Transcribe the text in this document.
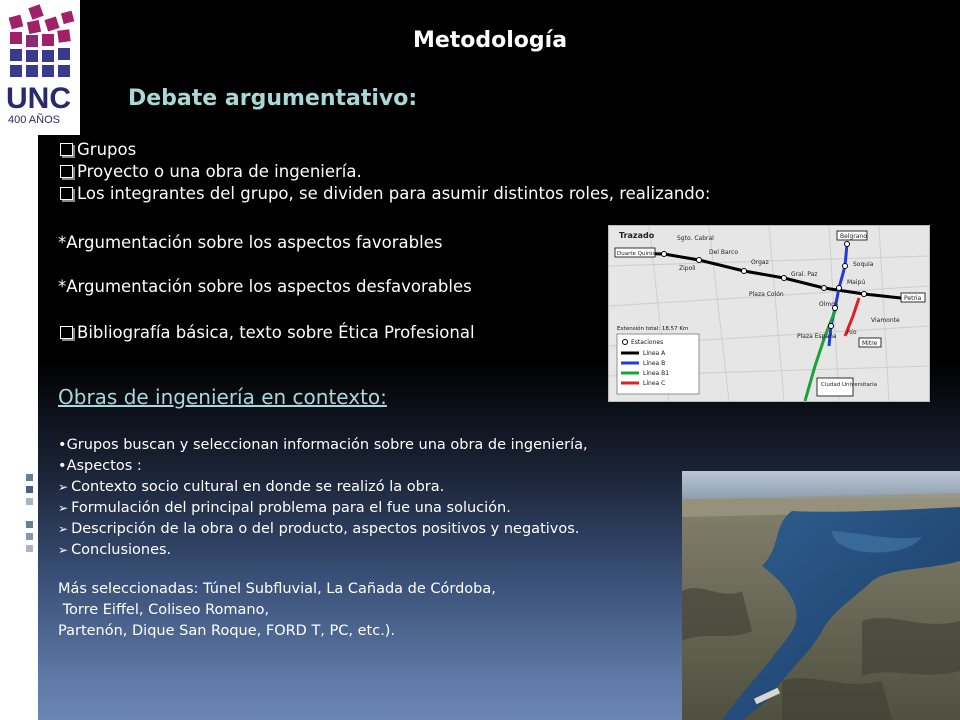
UNC
400 AÑOS
Metodología
Debate argumentativo:
Grupos
Proyecto o una obra de ingeniería.
Los integrantes del grupo, se dividen para asumir distintos roles, realizando:
*Argumentación sobre los aspectos favorables
*Argumentación sobre los aspectos desfavorables
Bibliografía básica, texto sobre Ética Profesional
Obras de ingeniería en contexto:
•Grupos buscan y seleccionan información sobre una obra de ingeniería,
•Aspectos :
➢ Contexto socio cultural en donde se realizó la obra.
➢ Formulación del principal problema para el fue una solución.
➢ Descripción de la obra o del producto, aspectos positivos y negativos.
➢ Conclusiones.
Más seleccionadas: Túnel Subfluvial, La Cañada de Córdoba,
Torre Eiffel, Coliseo Romano,
Partenón, Dique San Roque, FORD T, PC, etc.).
Trazado
Duarte Quirós
Sgto. Cabral
Del Barco
Orgaz
Gral. Paz
Belgrano
Soquia
Plaza Colón
Maipú
Olmos
Río
Petria
Viamonte
Plaza España
Mitre
Zipoli
Ciudad Universitaria
Extensión total: 18,57 Km
Estaciones
Línea A
Línea B
Línea B1
Línea C
